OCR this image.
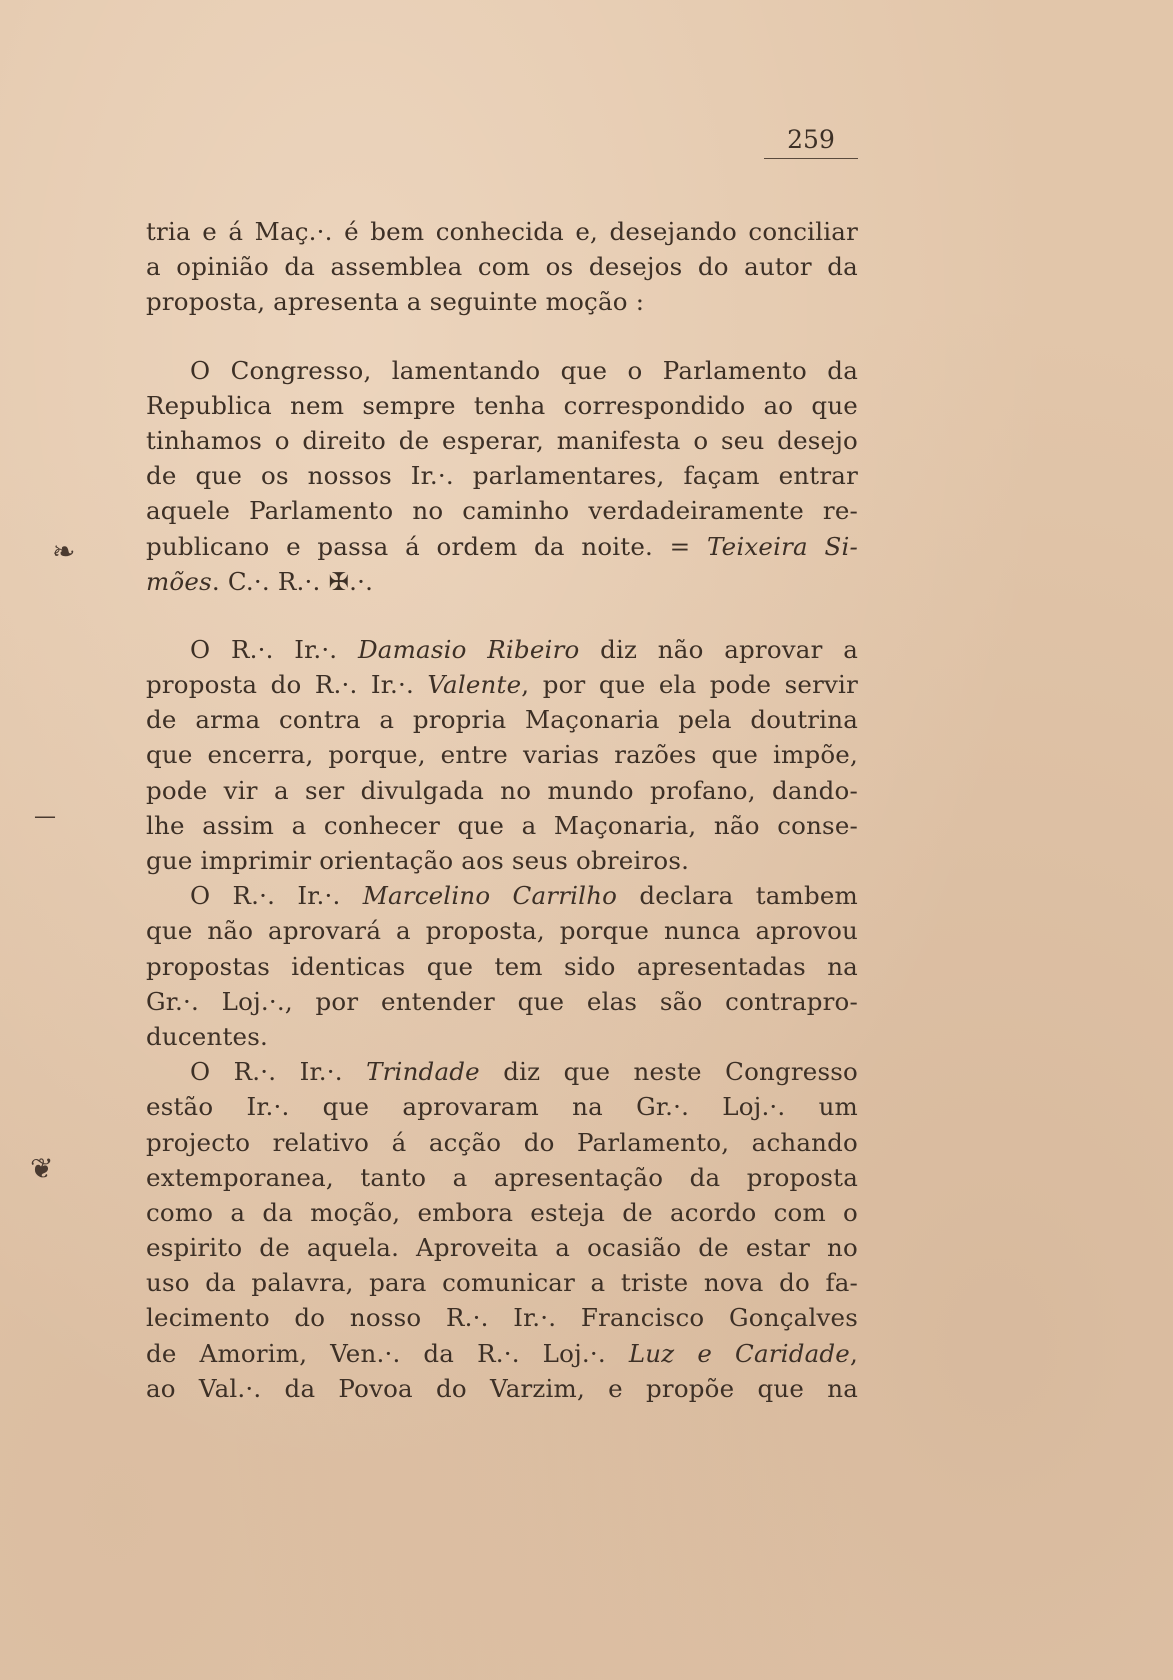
259
tria e á Maç.·. é bem conhecida e, desejando conciliar
a opinião da assemblea com os desejos do autor da
proposta, apresenta a seguinte moção :
O Congresso, lamentando que o Parlamento da
Republica nem sempre tenha correspondido ao que
tinhamos o direito de esperar, manifesta o seu desejo
de que os nossos Ir.·. parlamentares, façam entrar
aquele Parlamento no caminho verdadeiramente re-
publicano e passa á ordem da noite. = Teixeira Si-
mões. C.·. R.·. ✠.·.
O R.·. Ir.·. Damasio Ribeiro diz não aprovar a
proposta do R.·. Ir.·. Valente, por que ela pode servir
de arma contra a propria Maçonaria pela doutrina
que encerra, porque, entre varias razões que impõe,
pode vir a ser divulgada no mundo profano, dando-
lhe assim a conhecer que a Maçonaria, não conse-
gue imprimir orientação aos seus obreiros.
O R.·. Ir.·. Marcelino Carrilho declara tambem
que não aprovará a proposta, porque nunca aprovou
propostas identicas que tem sido apresentadas na
Gr.·. Loj.·., por entender que elas são contrapro-
ducentes.
O R.·. Ir.·. Trindade diz que neste Congresso
estão Ir.·. que aprovaram na Gr.·. Loj.·. um
projecto relativo á acção do Parlamento, achando
extemporanea, tanto a apresentação da proposta
como a da moção, embora esteja de acordo com o
espirito de aquela. Aproveita a ocasião de estar no
uso da palavra, para comunicar a triste nova do fa-
lecimento do nosso R.·. Ir.·. Francisco Gonçalves
de Amorim, Ven.·. da R.·. Loj.·. Luz e Caridade,
ao Val.·. da Povoa do Varzim, e propõe que na
❧
—
❦
